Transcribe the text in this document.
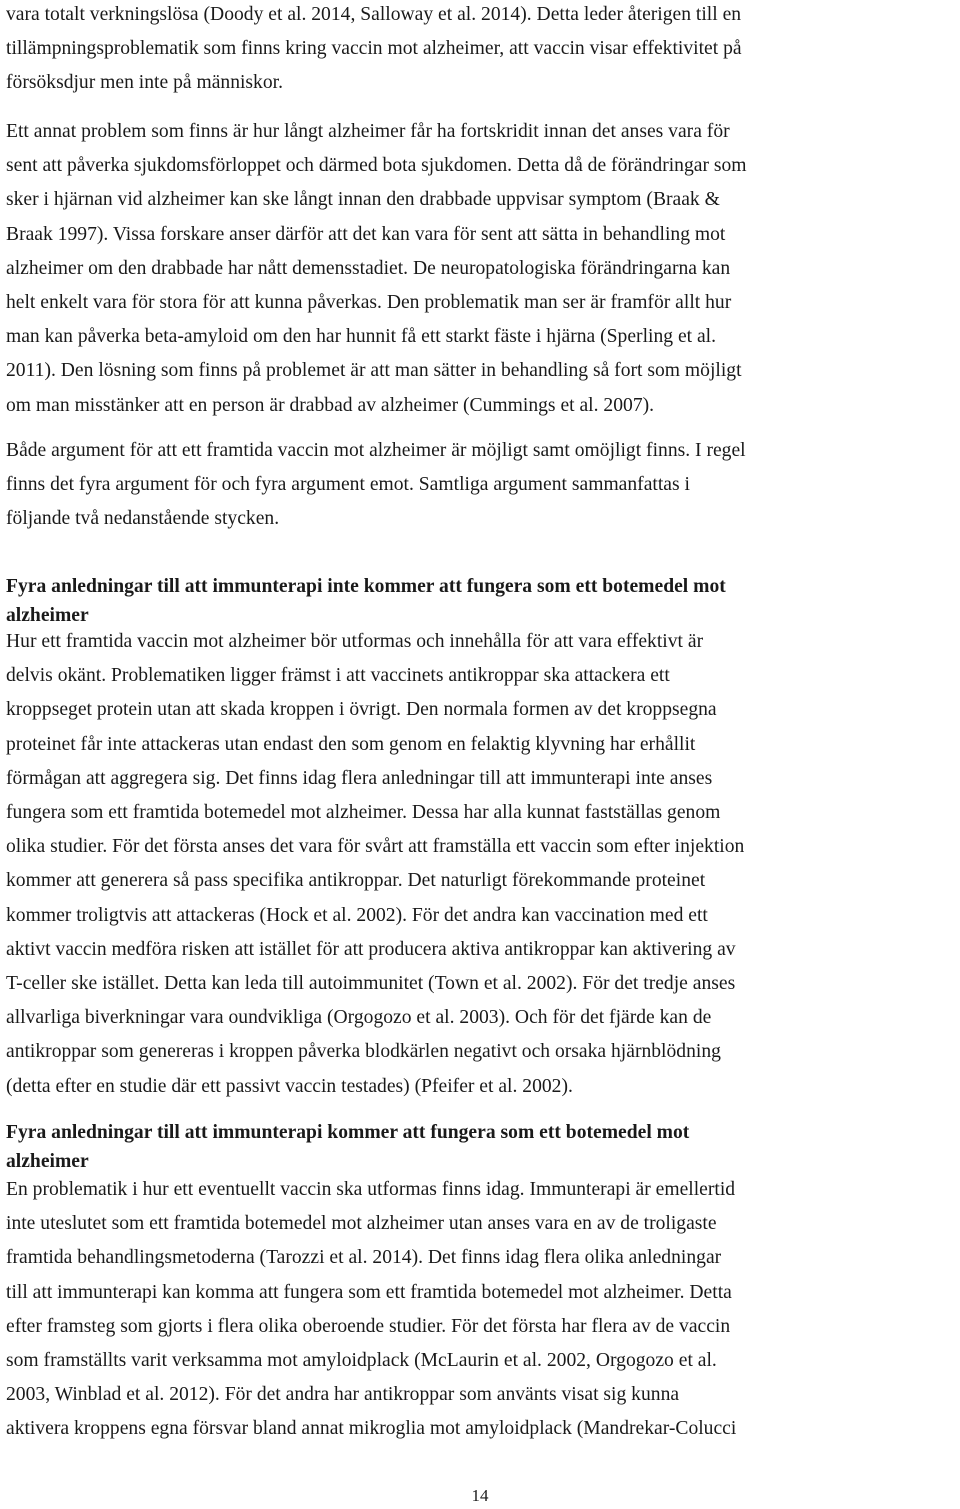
vara totalt verkningslösa (Doody et al. 2014, Salloway et al. 2014). Detta leder återigen till en
tillämpningsproblematik som finns kring vaccin mot alzheimer, att vaccin visar effektivitet på
försöksdjur men inte på människor.

Ett annat problem som finns är hur långt alzheimer får ha fortskridit innan det anses vara för
sent att påverka sjukdomsförloppet och därmed bota sjukdomen. Detta då de förändringar som
sker i hjärnan vid alzheimer kan ske långt innan den drabbade uppvisar symptom (Braak &
Braak 1997). Vissa forskare anser därför att det kan vara för sent att sätta in behandling mot
alzheimer om den drabbade har nått demensstadiet. De neuropatologiska förändringarna kan
helt enkelt vara för stora för att kunna påverkas. Den problematik man ser är framför allt hur
man kan påverka beta-amyloid om den har hunnit få ett starkt fäste i hjärna (Sperling et al.
2011). Den lösning som finns på problemet är att man sätter in behandling så fort som möjligt
om man misstänker att en person är drabbad av alzheimer (Cummings et al. 2007).

Både argument för att ett framtida vaccin mot alzheimer är möjligt samt omöjligt finns. I regel
finns det fyra argument för och fyra argument emot. Samtliga argument sammanfattas i
följande två nedanstående stycken.

Fyra anledningar till att immunterapi inte kommer att fungera som ett botemedel mot
alzheimer

Hur ett framtida vaccin mot alzheimer bör utformas och innehålla för att vara effektivt är
delvis okänt. Problematiken ligger främst i att vaccinets antikroppar ska attackera ett
kroppseget protein utan att skada kroppen i övrigt. Den normala formen av det kroppsegna
proteinet får inte attackeras utan endast den som genom en felaktig klyvning har erhållit
förmågan att aggregera sig. Det finns idag flera anledningar till att immunterapi inte anses
fungera som ett framtida botemedel mot alzheimer. Dessa har alla kunnat fastställas genom
olika studier. För det första anses det vara för svårt att framställa ett vaccin som efter injektion
kommer att generera så pass specifika antikroppar. Det naturligt förekommande proteinet
kommer troligtvis att attackeras (Hock et al. 2002). För det andra kan vaccination med ett
aktivt vaccin medföra risken att istället för att producera aktiva antikroppar kan aktivering av
T-celler ske istället. Detta kan leda till autoimmunitet (Town et al. 2002). För det tredje anses
allvarliga biverkningar vara oundvikliga (Orgogozo et al. 2003). Och för det fjärde kan de
antikroppar som genereras i kroppen påverka blodkärlen negativt och orsaka hjärnblödning
(detta efter en studie där ett passivt vaccin testades) (Pfeifer et al. 2002).

Fyra anledningar till att immunterapi kommer att fungera som ett botemedel mot
alzheimer

En problematik i hur ett eventuellt vaccin ska utformas finns idag. Immunterapi är emellertid
inte uteslutet som ett framtida botemedel mot alzheimer utan anses vara en av de troligaste
framtida behandlingsmetoderna (Tarozzi et al. 2014). Det finns idag flera olika anledningar
till att immunterapi kan komma att fungera som ett framtida botemedel mot alzheimer. Detta
efter framsteg som gjorts i flera olika oberoende studier. För det första har flera av de vaccin
som framställts varit verksamma mot amyloidplack (McLaurin et al. 2002, Orgogozo et al.
2003, Winblad et al. 2012). För det andra har antikroppar som använts visat sig kunna
aktivera kroppens egna försvar bland annat mikroglia mot amyloidplack (Mandrekar-Colucci

14
